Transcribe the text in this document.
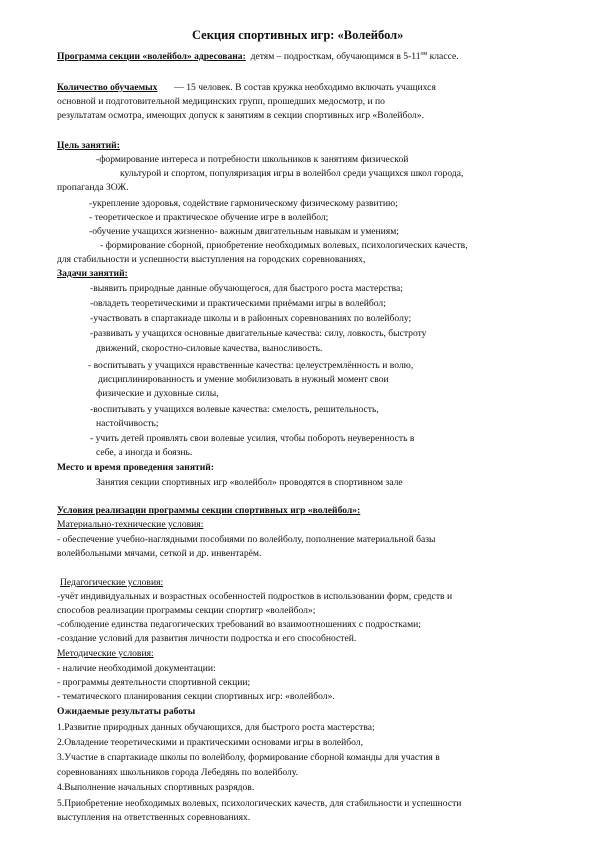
Секция спортивных игр: «Волейбол»
Программа секции «волейбол» адресована: детям – подросткам, обучающимся в $5-11^{ом}$ классе.
Количество обучаемых — 15 человек. В состав кружка необходимо включать учащихся
основной и подготовительной медицинских групп, прошедших медосмотр, и по
результатам осмотра, имеющих допуск к занятиям в секции спортивных игр «Волейбол».
Цель занятий:
-формирование интереса и потребности школьников к занятиям физической
культурой и спортом, популяризация игры в волейбол среди учащихся школ города,
пропаганда ЗОЖ.
-укрепление здоровья, содействие гармоническому физическому развитию;
- теоретическое и практическое обучение игре в волейбол;
-обучение учащихся жизненно- важным двигательным навыкам и умениям;
- формирование сборной, приобретение необходимых волевых, психологических качеств,
для стабильности и успешности выступления на городских соревнованиях,
Задачи занятий:
-выявить природные данные обучающегося, для быстрого роста мастерства;
-овладеть теоретическими и практическими приёмами игры в волейбол;
-участвовать в спартакиаде школы и в районных соревнованиях по волейболу;
-развивать у учащихся основные двигательные качества: силу, ловкость, быстроту
движений, скоростно-силовые качества, выносливость.
- воспитывать у учащихся нравственные качества: целеустремлённость и волю,
дисциплинированность и умение мобилизовать в нужный момент свои
физические и духовные силы,
-воспитывать у учащихся волевые качества: смелость, решительность,
настойчивость;
- учить детей проявлять свои волевые усилия, чтобы побороть неуверенность в
себе, а иногда и боязнь.
Место и время проведения занятий:
Занятия секции спортивных игр «волейбол» проводятся в спортивном зале
Условия реализации программы секции спортивных игр «волейбол»:
Материально-технические условия:
- обеспечение учебно-наглядными пособиями по волейболу, пополнение материальной базы
волейбольными мячами, сеткой и др. инвентарём.
Педагогические условия:
-учёт индивидуальных и возрастных особенностей подростков в использовании форм, средств и
способов реализации программы секции спортигр «волейбол»;
-соблюдение единства педагогических требований во взаимоотношениях с подростками;
-создание условий для развития личности подростка и его способностей.
Методические условия:
- наличие необходимой документации:
- программы деятельности спортивной секции;
- тематического планирования секции спортивных игр: «волейбол».
Ожидаемые результаты работы
1.Развитие природных данных обучающихся, для быстрого роста мастерства;
2.Овладение теоретическими и практическими основами игры в волейбол,
3.Участие в спартакиаде школы по волейболу, формирование сборной команды для участия в
соревнованиях школьников города Лебедянь по волейболу.
4.Выполнение начальных спортивных разрядов.
5.Приобретение необходимых волевых, психологических качеств, для стабильности и успешности
выступления на ответственных соревнованиях.
